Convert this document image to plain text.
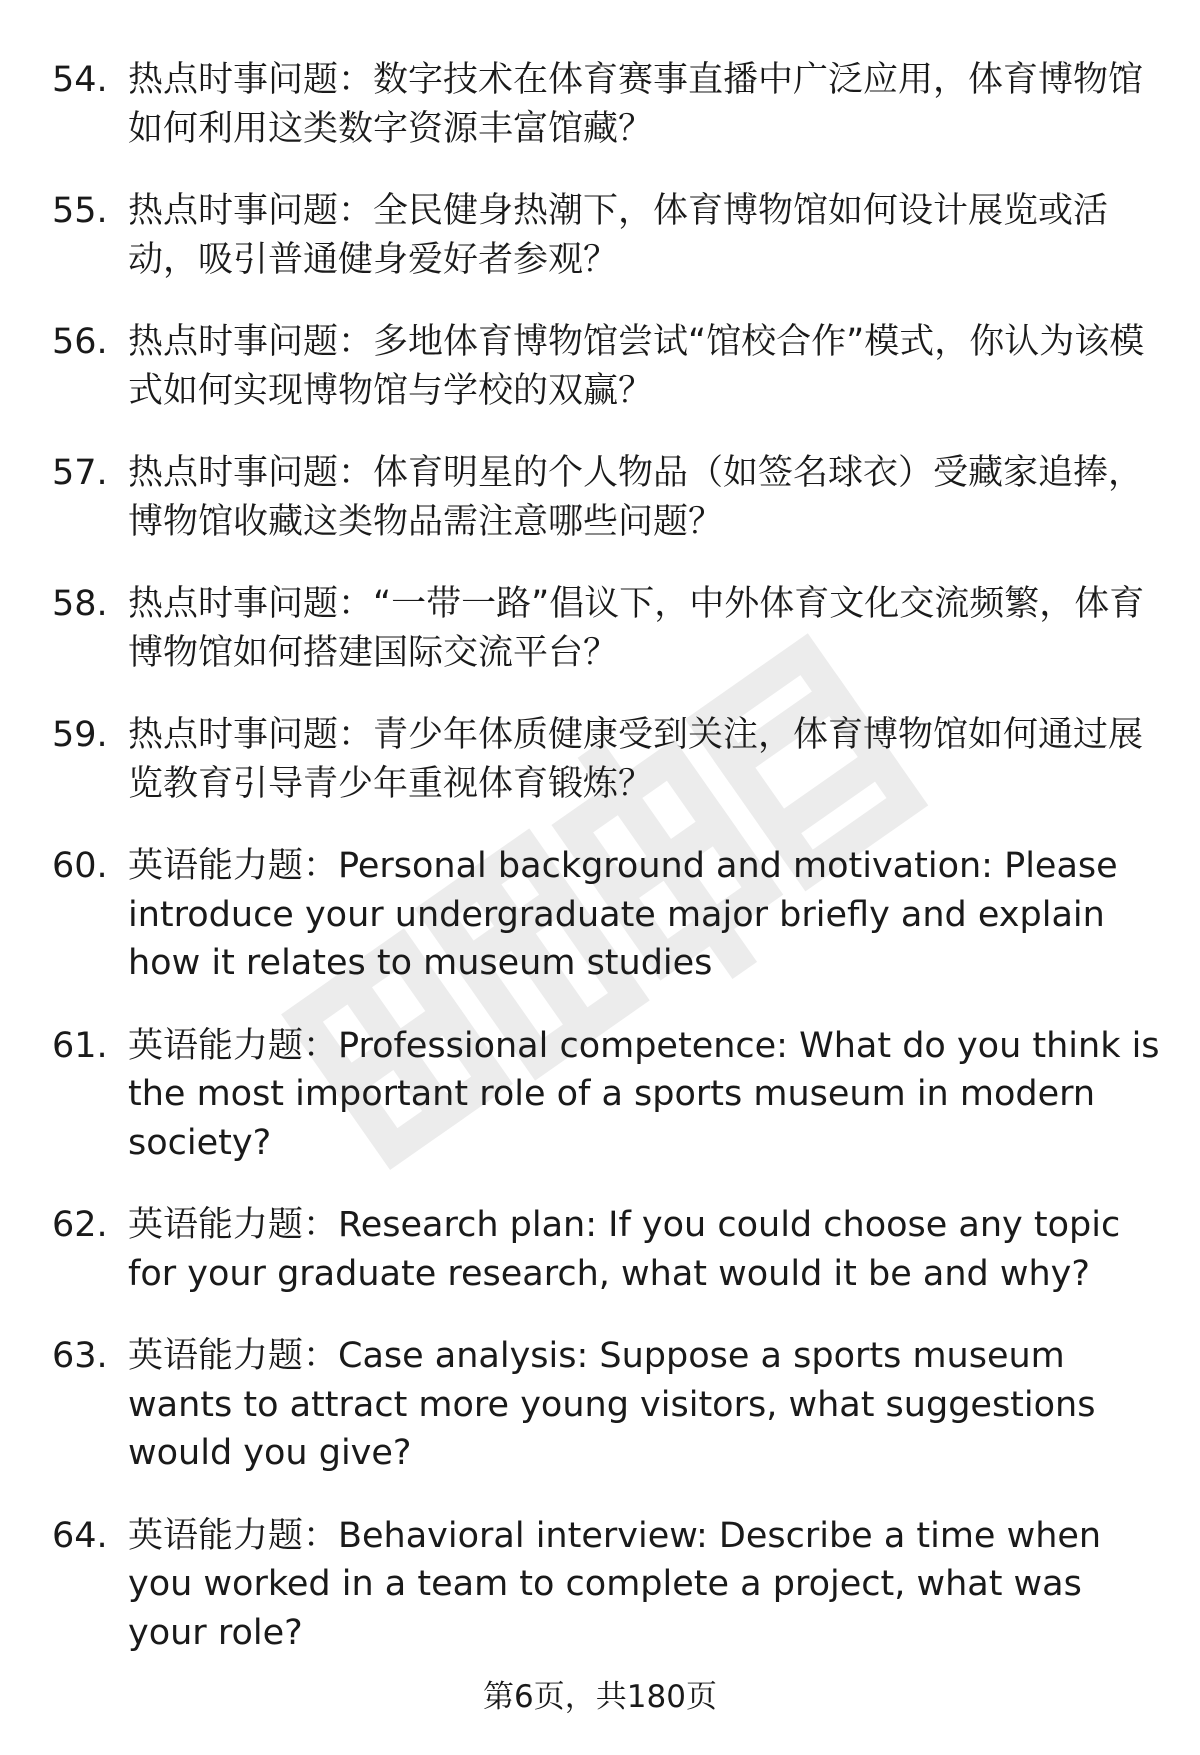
54. 热点时事问题：数字技术在体育赛事直播中广泛应用，体育博物馆如何利用这类数字资源丰富馆藏？
55. 热点时事问题：全民健身热潮下，体育博物馆如何设计展览或活动，吸引普通健身爱好者参观？
56. 热点时事问题：多地体育博物馆尝试“馆校合作”模式，你认为该模式如何实现博物馆与学校的双赢？
57. 热点时事问题：体育明星的个人物品（如签名球衣）受藏家追捧，博物馆收藏这类物品需注意哪些问题？
58. 热点时事问题：“一带一路”倡议下，中外体育文化交流频繁，体育博物馆如何搭建国际交流平台？
59. 热点时事问题：青少年体质健康受到关注，体育博物馆如何通过展览教育引导青少年重视体育锻炼？
60. 英语能力题：Personal background and motivation: Please introduce your undergraduate major briefly and explain how it relates to museum studies
61. 英语能力题：Professional competence: What do you think is the most important role of a sports museum in modern society?
62. 英语能力题：Research plan: If you could choose any topic for your graduate research, what would it be and why?
63. 英语能力题：Case analysis: Suppose a sports museum wants to attract more young visitors, what suggestions would you give?
64. 英语能力题：Behavioral interview: Describe a time when you worked in a team to complete a project, what was your role?
第6页，共180页
